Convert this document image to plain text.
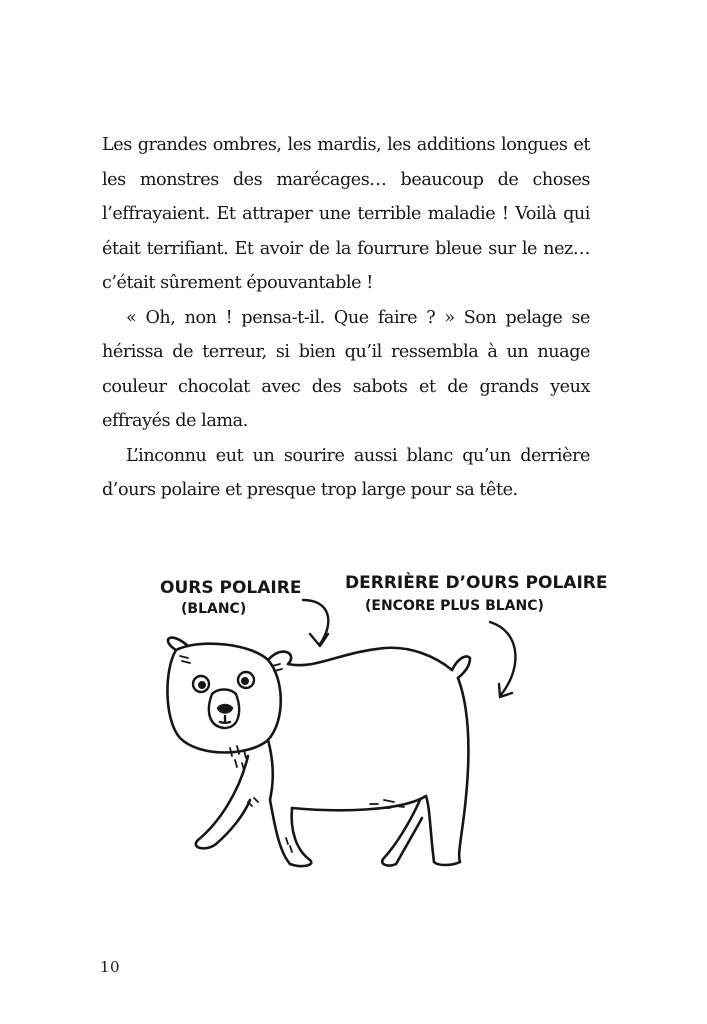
Les grandes ombres, les mardis, les additions longues et les monstres des marécages… beaucoup de choses l’effrayaient. Et attraper une terrible maladie ! Voilà qui était terrifiant. Et avoir de la fourrure bleue sur le nez… c’était sûrement épouvantable !

« Oh, non ! pensa-t-il. Que faire ? » Son pelage se hérissa de terreur, si bien qu’il ressembla à un nuage couleur chocolat avec des sabots et de grands yeux effrayés de lama.

L’inconnu eut un sourire aussi blanc qu’un derrière d’ours polaire et presque trop large pour sa tête.

OURS POLAIRE
(BLANC)
DERRIÈRE D’OURS POLAIRE
(ENCORE PLUS BLANC)
10
